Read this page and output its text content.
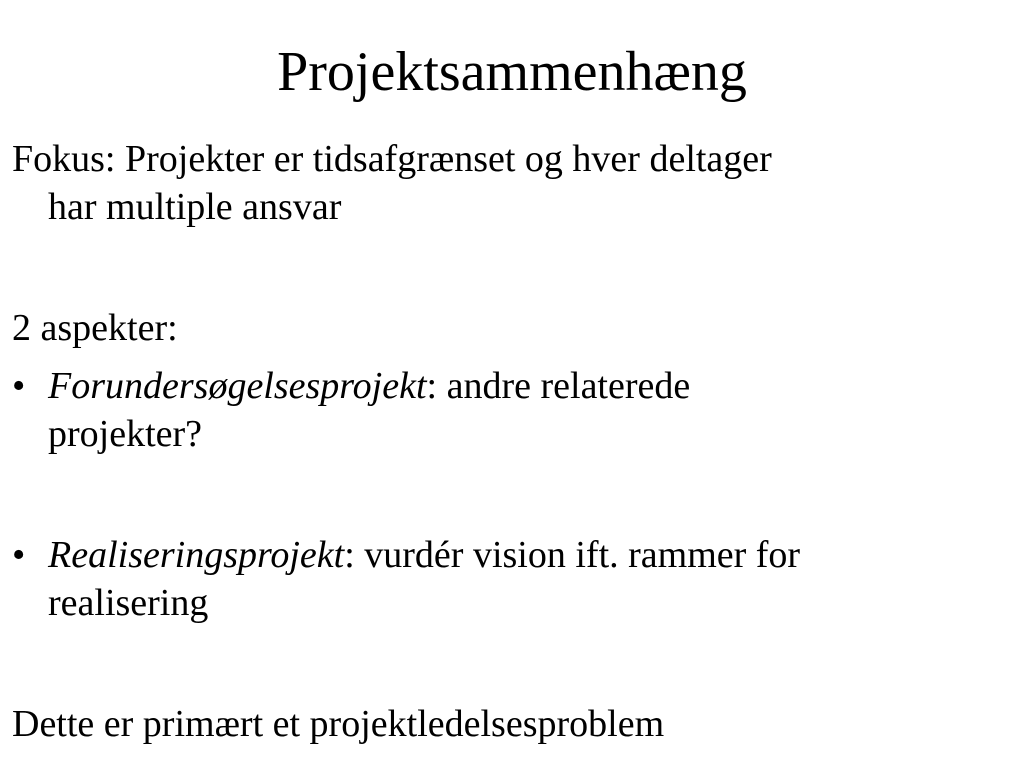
Projektsammenhæng
Fokus: Projekter er tidsafgrænset og hver deltager
har multiple ansvar
2 aspekter:
• Forundersøgelsesprojekt: andre relaterede
projekter?
• Realiseringsprojekt: vurdér vision ift. rammer for
realisering
Dette er primært et projektledelsesproblem
